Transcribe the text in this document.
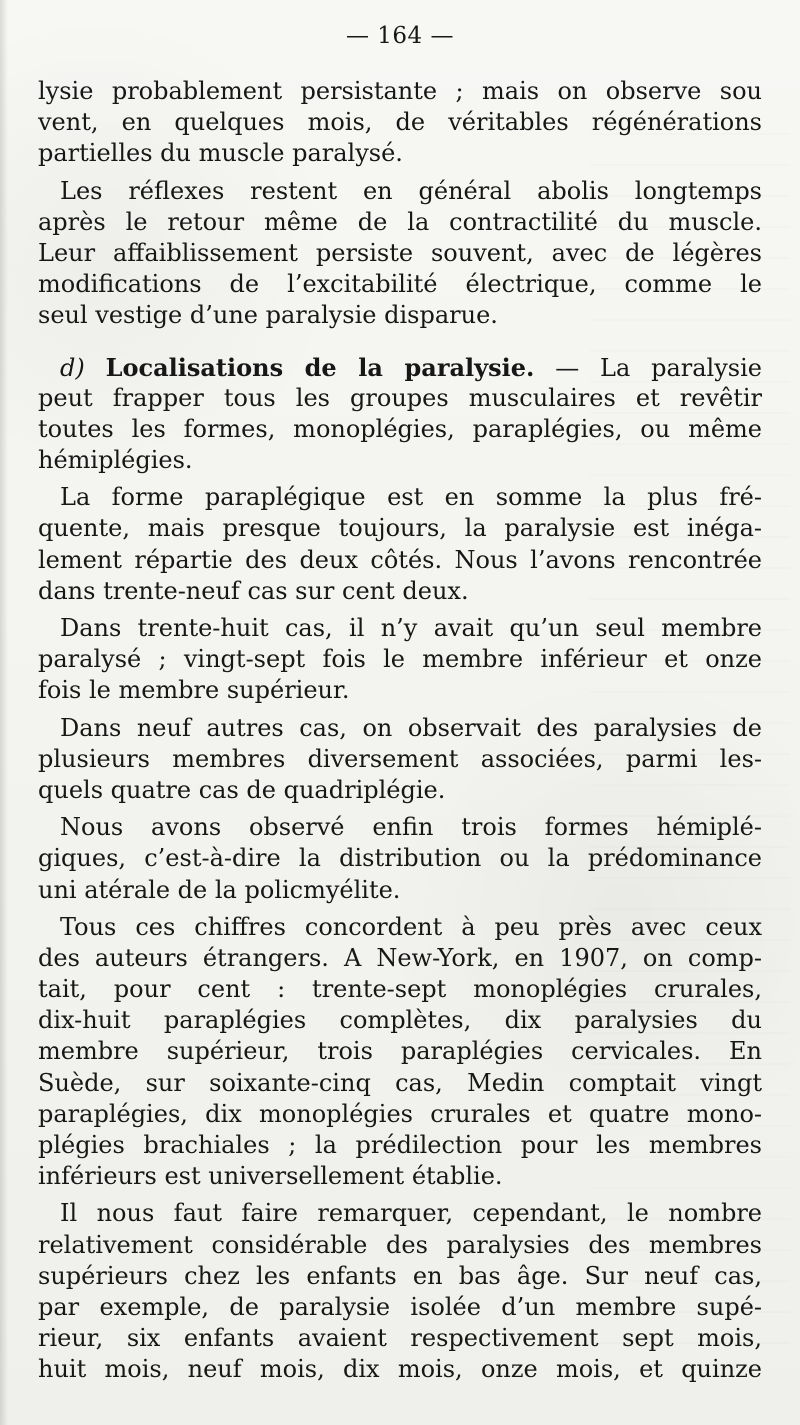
— 164 —
lysie probablement persistante ; mais on observe sou
vent, en quelques mois, de véritables régénérations
partielles du muscle paralysé.
Les réflexes restent en général abolis longtemps
après le retour même de la contractilité du muscle.
Leur affaiblissement persiste souvent, avec de légères
modifications de l’excitabilité électrique, comme le
seul vestige d’une paralysie disparue.
d) Localisations de la paralysie. — La paralysie
peut frapper tous les groupes musculaires et revêtir
toutes les formes, monoplégies, paraplégies, ou même
hémiplégies.
La forme paraplégique est en somme la plus fré-
quente, mais presque toujours, la paralysie est inéga-
lement répartie des deux côtés. Nous l’avons rencontrée
dans trente-neuf cas sur cent deux.
Dans trente-huit cas, il n’y avait qu’un seul membre
paralysé ; vingt-sept fois le membre inférieur et onze
fois le membre supérieur.
Dans neuf autres cas, on observait des paralysies de
plusieurs membres diversement associées, parmi les-
quels quatre cas de quadriplégie.
Nous avons observé enfin trois formes hémiplé-
giques, c’est-à-dire la distribution ou la prédominance
uni atérale de la policmyélite.
Tous ces chiffres concordent à peu près avec ceux
des auteurs étrangers. A New-York, en 1907, on comp-
tait, pour cent : trente-sept monoplégies crurales,
dix-huit paraplégies complètes, dix paralysies du
membre supérieur, trois paraplégies cervicales. En
Suède, sur soixante-cinq cas, Medin comptait vingt
paraplégies, dix monoplégies crurales et quatre mono-
plégies brachiales ; la prédilection pour les membres
inférieurs est universellement établie.
Il nous faut faire remarquer, cependant, le nombre
relativement considérable des paralysies des membres
supérieurs chez les enfants en bas âge. Sur neuf cas,
par exemple, de paralysie isolée d’un membre supé-
rieur, six enfants avaient respectivement sept mois,
huit mois, neuf mois, dix mois, onze mois, et quinze
